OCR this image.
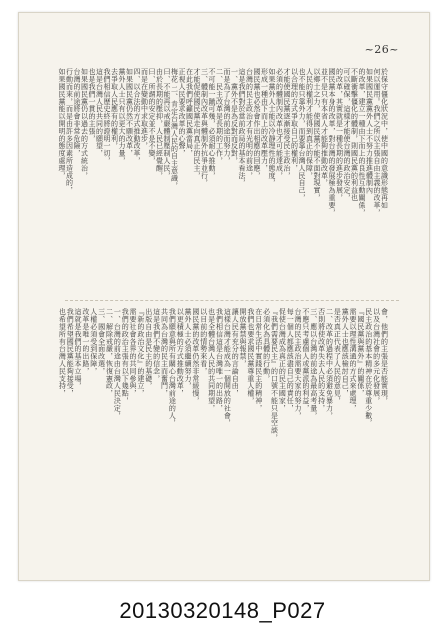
~26~
於保守僵化狀況中，使中國的意識形態再如
何以運用。我們之所以主張自由主義的改革，
如果國民黨黨外人士不努力推進體制內
的改革，建立一種由下而上的良性互動關係，
不斷衝擊僵化的體制，則國民黨的利益也
可以確保，這樣才能使台灣的政治安定，
的改革，其實就是一種長期的進步發展，
國民黨本身的改革，對台灣的發展極為重要，
並不是只有本省人才能夠推動改革，
以鄉土之力，使國民黨不能不面對現實，
人民的權利才能得到真正的保障，
也不能只靠外力，而要靠台灣人民自己，
以合理的方式爭取自己的權利，
才能使國民黨逐漸接受民主政治，
必須的體制內改革也才可能達成，
如果黨外人士能以冷靜理性的態度，
形成一種由下而上的改革壓力，
國民黨也必然會作出相應的回應，
台灣的民主政治才有光明的前途，
這是我們對於當前政局的基本看法，
一、黨外不是為反對而反對，
而是為了台灣的前途而努力，
二、民主改革是長期的工作，
不可能一蹴可幾，必須耐心推動，
三、體制內改革與體制外抗爭並行，
才能促使國民黨走向真正的民主，
在此我們呼籲國民黨當局，
正視人民要求改革的心聲，
梅花 二、肯定台灣人民的自主意識，
曰、不能再以戒嚴體制壓制人民，
由於長期的壓抑，人民已經覺醒，
曰、所謂的安定並不是不變，
而是在變動中求取進步，
四、以合法的方式推動改革，
如果國民黨仍然不願改革，
黨外人士只有以更大的力量，
去爭取人民應有的權利，
我們相信歷史終將證明一切，
這是台灣人民共同的願望，
也是我們一貫的主張，
如果國民黨仍以過去的方式統治，
台灣的前途將會非常危險，
行動而來，而是由許多因素所造成的，
如果國民黨能以開明的態度處理，
會，他們的主張是否能實現，
以及台灣社會的多元化發展，
民主政治的基本精神在於尊重少數，
『國民黨與黨外』的關係，
需要以理性溝通的方式來處理，
黨外人士也應該檢討自己，
是否真正代表了人民的意見，
二、改革的過程中必須避免暴力，
否則將使改革失去人民的支持，
三、應以台灣的前途為最高考量，
不應只考慮個人或黨派的利益，
台灣的民主政治需要大家的努力，
每一個人都應該盡自己的責任，
促使台灣成為真正的民主國家，
『我們需要民主』的口號不能只是空談，
必須化為具體的行動，
在日常生活中實踐民主的精神，
我們也要求國民黨尊重人權，
開放黨禁與報禁，
讓人民有充分的言論自由，
這樣台灣才能成為一個開放的社會，
我們相信這是台灣唯一的出路，
也是全體台灣人民的共同期望，
以目前的情勢來看，
國民黨的改革仍然非常緩慢，
黨外人士必須繼續努力，
以更積極的方式推動改革，
我們願意與所有關心台灣前途的人，
共同為台灣的民主而奮鬥，
這是我們不變的信念，
出版自由是民主的基礎，
『新的政治文化』的建立，
需要社會各界的共同參與，
我們的政治主張有以下幾點，
一、台灣的前途由台灣人民決定，
二、解除戒嚴，恢復憲政，
三、國會全面改選，
人權必須受到保障，
改革是唯一的出路，
這就是我們的基本立場，
我們希望國民黨能夠接受，
也希望所有台灣人民支持，
20130320148_P027
